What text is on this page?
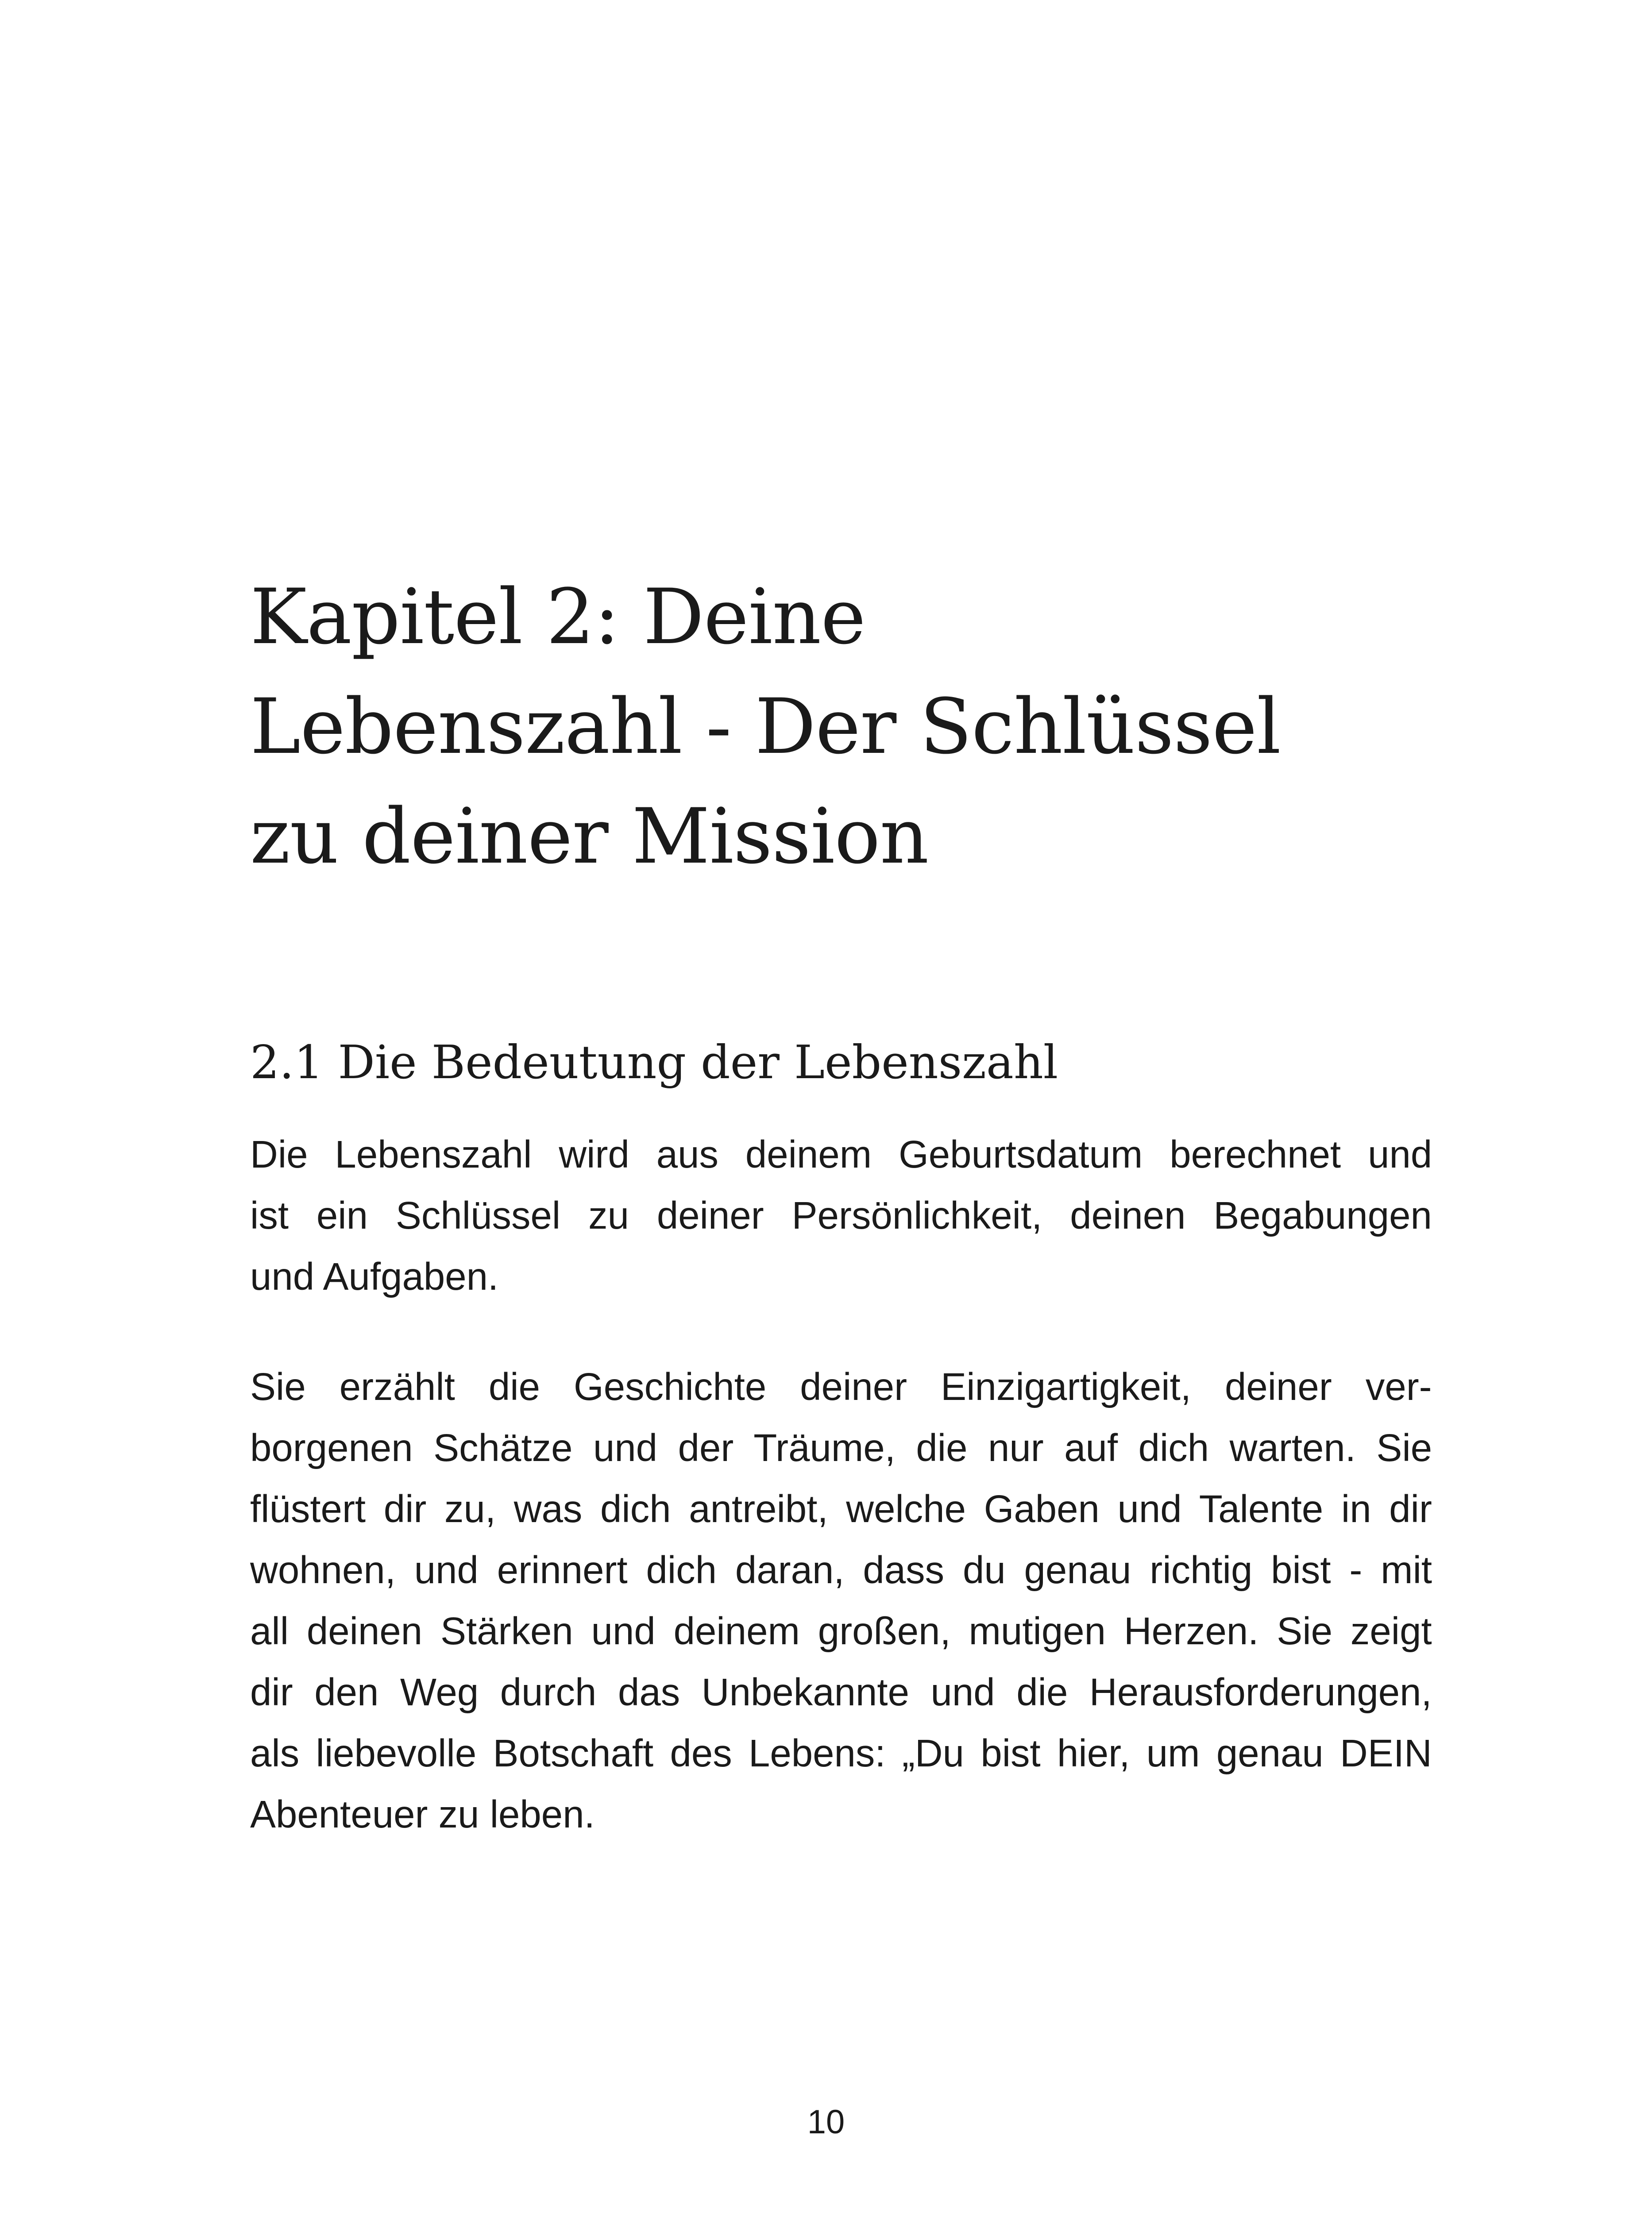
Kapitel 2: Deine
Lebenszahl - Der Schlüssel
zu deiner Mission
2.1 Die Bedeutung der Lebenszahl

Die Lebenszahl wird aus deinem Geburtsdatum berechnet und
ist ein Schlüssel zu deiner Persönlichkeit, deinen Begabungen
und Aufgaben.

Sie erzählt die Geschichte deiner Einzigartigkeit, deiner ver-
borgenen Schätze und der Träume, die nur auf dich warten. Sie
flüstert dir zu, was dich antreibt, welche Gaben und Talente in dir
wohnen, und erinnert dich daran, dass du genau richtig bist - mit
all deinen Stärken und deinem großen, mutigen Herzen. Sie zeigt
dir den Weg durch das Unbekannte und die Herausforderungen,
als liebevolle Botschaft des Lebens: „Du bist hier, um genau DEIN
Abenteuer zu leben.

10
